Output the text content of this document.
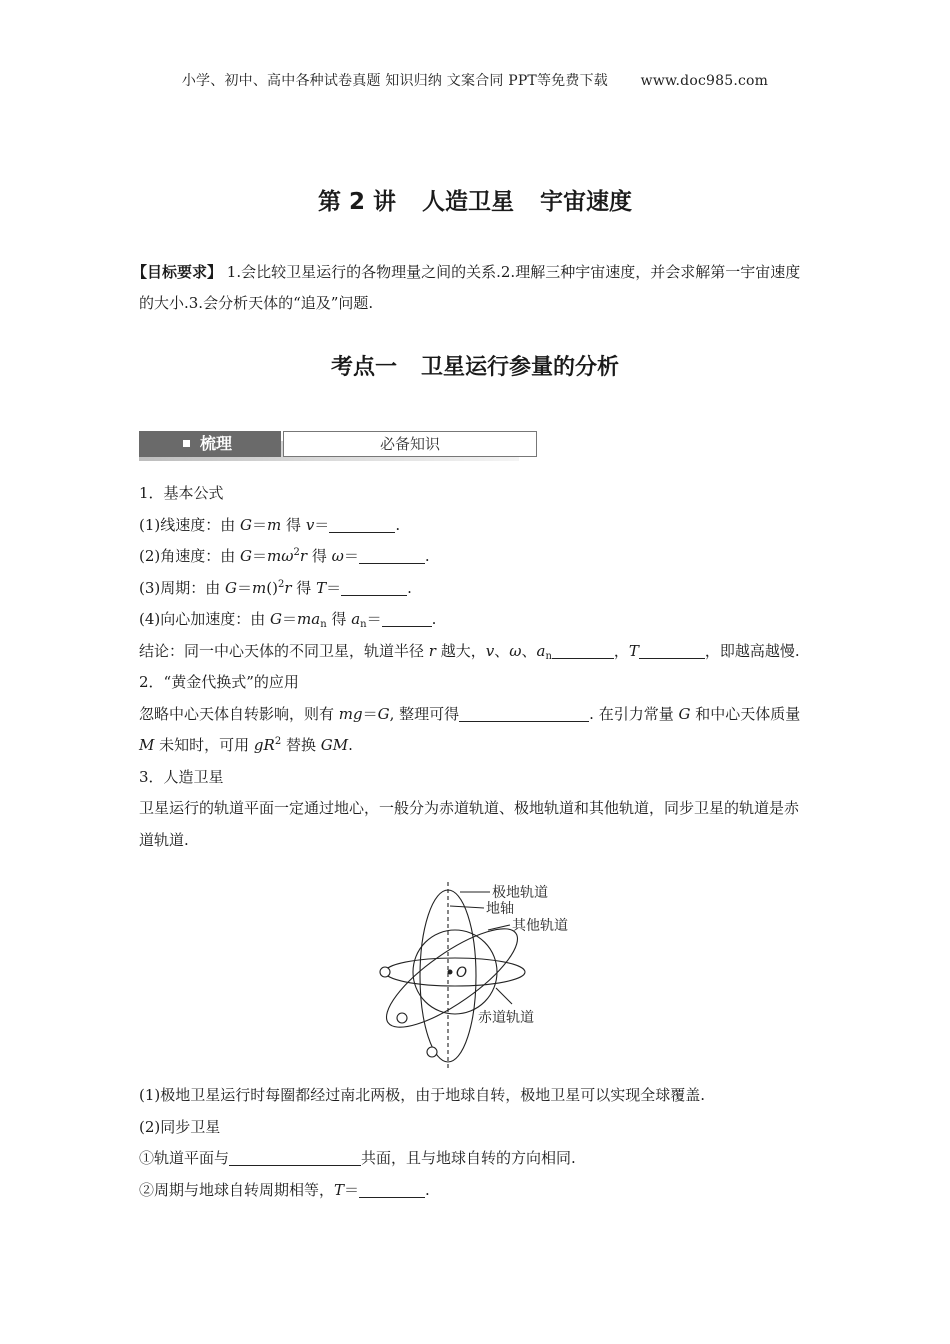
小学、初中、高中各种试卷真题 知识归纳 文案合同 PPT等免费下载 www.doc985.com
第 2 讲 人造卫星 宇宙速度
【目标要求】 1.会比较卫星运行的各物理量之间的关系.2.理解三种宇宙速度，并会求解第一宇宙速度的大小.3.会分析天体的“追及”问题.
考点一 卫星运行参量的分析
梳理	必备知识

1．基本公式

(1)线速度：由 G＝m 得 v＝	.

(2)角速度：由 $G=m\omega^2r$ 得 ω＝	.

(3)周期：由 G＝m()$^2$r 得 T＝	.

(4)向心加速度：由 $G=ma_n$ 得 $a_n=$	.

结论：同一中心天体的不同卫星，轨道半径 r 越大，v、ω、$a_n$	，T	，即越高越慢.

2．“黄金代换式”的应用

忽略中心天体自转影响，则有 mg＝G, 整理可得	. 在引力常量 G 和中心天体质量 M 未知时，可用 $gR^2$ 替换 GM.

3．人造卫星

卫星运行的轨道平面一定通过地心，一般分为赤道轨道、极地轨道和其他轨道，同步卫星的轨道是赤道轨道.

O
极地轨道
地轴
其他轨道
赤道轨道

(1)极地卫星运行时每圈都经过南北两极，由于地球自转，极地卫星可以实现全球覆盖.

(2)同步卫星

①轨道平面与	共面，且与地球自转的方向相同.

②周期与地球自转周期相等，T＝	.
